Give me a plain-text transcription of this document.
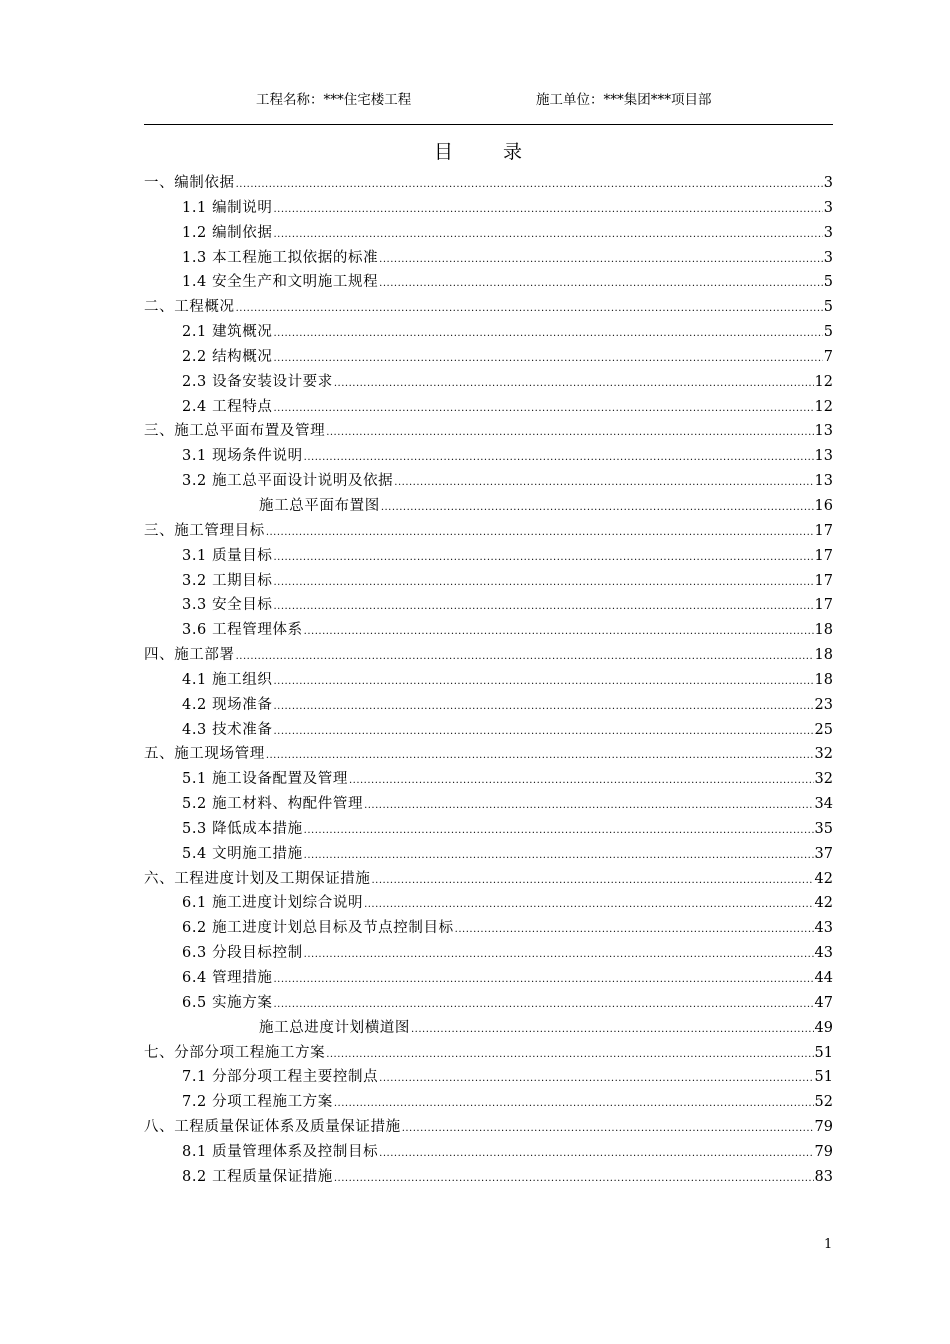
工程名称：***住宅楼工程	施工单位：***集团***项目部
目 录
一、编制依据 .....	3
1.1 编制说明 .....	3
1.2 编制依据 .....	3
1.3 本工程施工拟依据的标准 .....	3
1.4 安全生产和文明施工规程 .....	5
二、工程概况 .....	5
2.1 建筑概况 .....	5
2.2 结构概况 .....	7
2.3 设备安装设计要求 .....	12
2.4 工程特点 .....	12
三、施工总平面布置及管理 .....	13
3.1 现场条件说明 .....	13
3.2 施工总平面设计说明及依据 .....	13
施工总平面布置图 .....	16
三、施工管理目标 .....	17
3.1 质量目标 .....	17
3.2 工期目标 .....	17
3.3 安全目标 .....	17
3.6 工程管理体系 .....	18
四、施工部署 .....	18
4.1 施工组织 .....	18
4.2 现场准备 .....	23
4.3 技术准备 .....	25
五、施工现场管理 .....	32
5.1 施工设备配置及管理 .....	32
5.2 施工材料、构配件管理 .....	34
5.3 降低成本措施 .....	35
5.4 文明施工措施 .....	37
六、工程进度计划及工期保证措施 .....	42
6.1 施工进度计划综合说明 .....	42
6.2 施工进度计划总目标及节点控制目标 .....	43
6.3 分段目标控制 .....	43
6.4 管理措施 .....	44
6.5 实施方案 .....	47
施工总进度计划横道图 .....	49
七、分部分项工程施工方案 .....	51
7.1 分部分项工程主要控制点 .....	51
7.2 分项工程施工方案 .....	52
八、工程质量保证体系及质量保证措施 .....	79
8.1 质量管理体系及控制目标 .....	79
8.2 工程质量保证措施 .....	83
1
